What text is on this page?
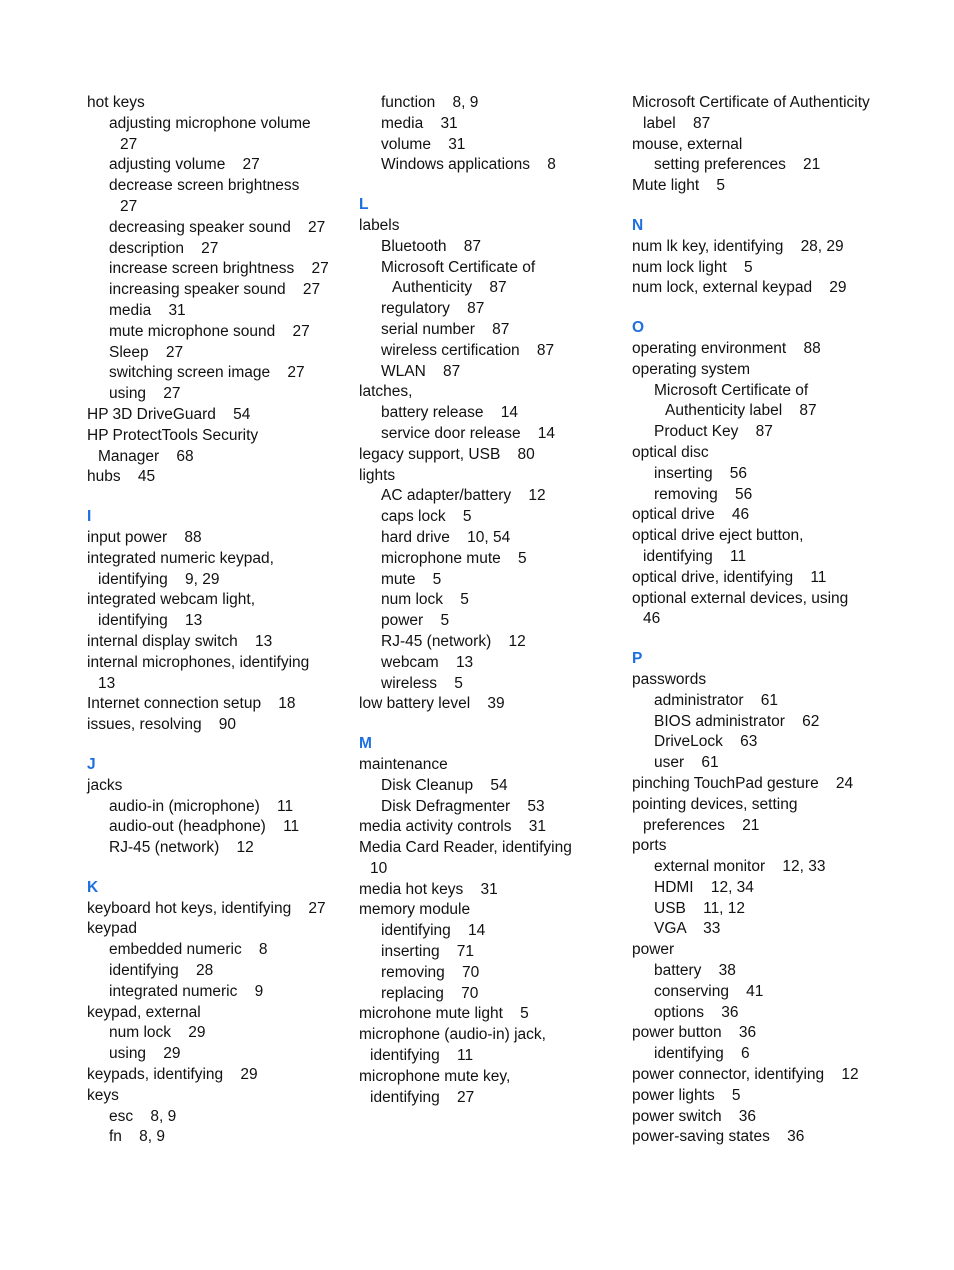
hot keys
adjusting microphone volume
27
adjusting volume    27
decrease screen brightness
27
decreasing speaker sound    27
description    27
increase screen brightness    27
increasing speaker sound    27
media    31
mute microphone sound    27
Sleep    27
switching screen image    27
using    27
HP 3D DriveGuard    54
HP ProtectTools Security
Manager    68
hubs    45
I
input power    88
integrated numeric keypad,
identifying    9, 29
integrated webcam light,
identifying    13
internal display switch    13
internal microphones, identifying
13
Internet connection setup    18
issues, resolving    90
J
jacks
audio-in (microphone)    11
audio-out (headphone)    11
RJ-45 (network)    12
K
keyboard hot keys, identifying    27
keypad
embedded numeric    8
identifying    28
integrated numeric    9
keypad, external
num lock    29
using    29
keypads, identifying    29
keys
esc    8, 9
fn    8, 9
function    8, 9
media    31
volume    31
Windows applications    8
L
labels
Bluetooth    87
Microsoft Certificate of
Authenticity    87
regulatory    87
serial number    87
wireless certification    87
WLAN    87
latches,
battery release    14
service door release    14
legacy support, USB    80
lights
AC adapter/battery    12
caps lock    5
hard drive    10, 54
microphone mute    5
mute    5
num lock    5
power    5
RJ-45 (network)    12
webcam    13
wireless    5
low battery level    39
M
maintenance
Disk Cleanup    54
Disk Defragmenter    53
media activity controls    31
Media Card Reader, identifying
10
media hot keys    31
memory module
identifying    14
inserting    71
removing    70
replacing    70
microhone mute light    5
microphone (audio-in) jack,
identifying    11
microphone mute key,
identifying    27
Microsoft Certificate of Authenticity
label    87
mouse, external
setting preferences    21
Mute light    5
N
num lk key, identifying    28, 29
num lock light    5
num lock, external keypad    29
O
operating environment    88
operating system
Microsoft Certificate of
Authenticity label    87
Product Key    87
optical disc
inserting    56
removing    56
optical drive    46
optical drive eject button,
identifying    11
optical drive, identifying    11
optional external devices, using
46
P
passwords
administrator    61
BIOS administrator    62
DriveLock    63
user    61
pinching TouchPad gesture    24
pointing devices, setting
preferences    21
ports
external monitor    12, 33
HDMI    12, 34
USB    11, 12
VGA    33
power
battery    38
conserving    41
options    36
power button    36
identifying    6
power connector, identifying    12
power lights    5
power switch    36
power-saving states    36
